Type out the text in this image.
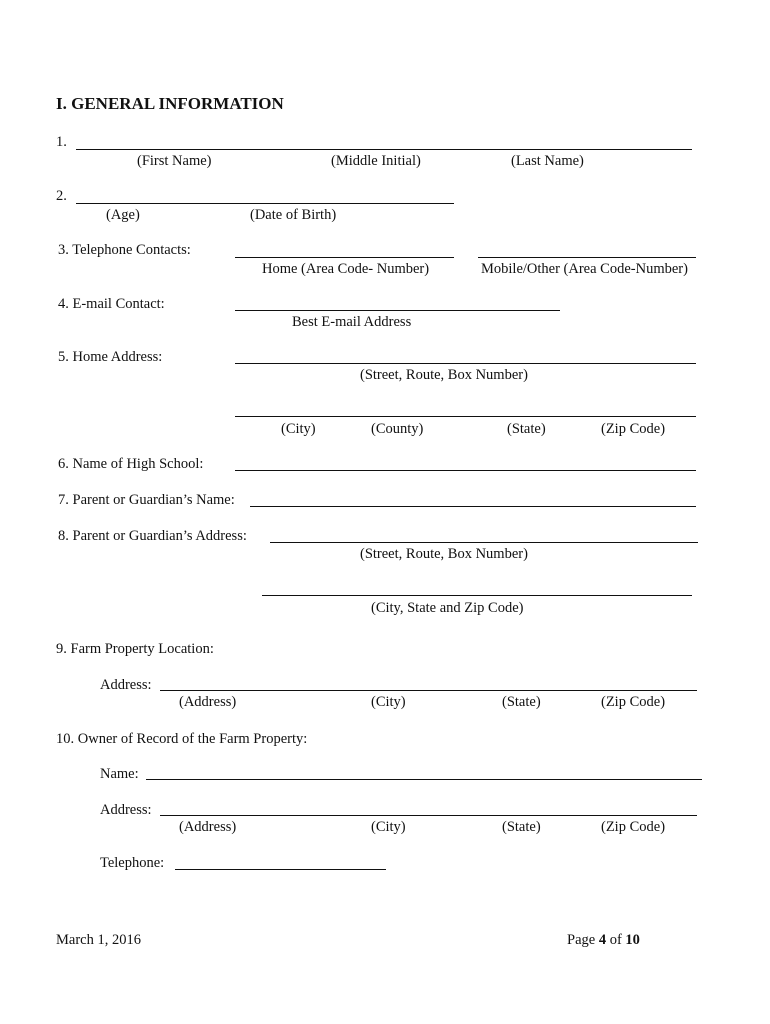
I. GENERAL INFORMATION
1.
(First Name)	(Middle Initial)	(Last Name)
2.
(Age)	(Date of Birth)
3. Telephone Contacts:
Home (Area Code- Number)	Mobile/Other (Area Code-Number)
4. E-mail Contact:
Best E-mail Address
5. Home Address:
(Street, Route, Box Number)
(City)	(County)	(State)	(Zip Code)
6. Name of High School:
7. Parent or Guardian’s Name:
8. Parent or Guardian’s Address:
(Street, Route, Box Number)
(City, State and Zip Code)
9. Farm Property Location:
Address:
(Address)	(City)	(State)	(Zip Code)
10. Owner of Record of the Farm Property:
Name:
Address:
(Address)	(City)	(State)	(Zip Code)
Telephone:
March 1, 2016	Page 4 of 10
